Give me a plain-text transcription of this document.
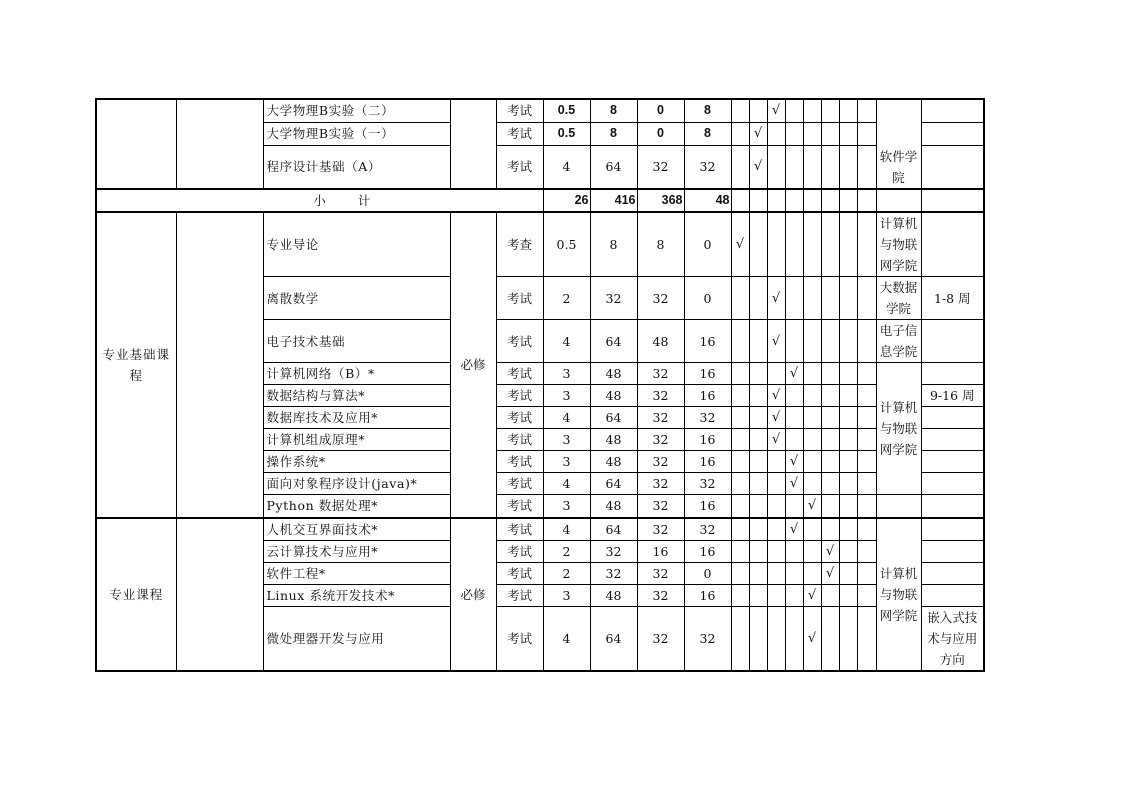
		大学物理B实验（二）		考试	0.5	8	0	8			√						软件学院	
		大学物理B实验（一）		考试	0.5	8	0	8		√								
		程序设计基础（A）		考试	4	64	32	32		√								
小 计					26	416	368	48										
专业基础课程		专业导论	必修	考查	0.5	8	8	0	√								计算机与物联网学院	
		离散数学		考试	2	32	32	0			√						大数据学院	1-8 周
		电子技术基础		考试	4	64	48	16			√						电子信息学院	
		计算机网络（B）*		考试	3	48	32	16				√					计算机与物联网学院	
		数据结构与算法*		考试	3	48	32	16			√							9-16 周
		数据库技术及应用*		考试	4	64	32	32			√							
		计算机组成原理*		考试	3	48	32	16			√							
		操作系统*		考试	3	48	32	16				√						
		面向对象程序设计(java)*		考试	4	64	32	32				√						
		Python 数据处理*		考试	3	48	32	16					√					
专业课程		人机交互界面技术*	必修	考试	4	64	32	32				√					计算机与物联网学院	
		云计算技术与应用*		考试	2	32	16	16						√				
		软件工程*		考试	2	32	32	0						√				
		Linux 系统开发技术*		考试	3	48	32	16					√					
		微处理器开发与应用		考试	4	64	32	32					√					嵌入式技术与应用方向
